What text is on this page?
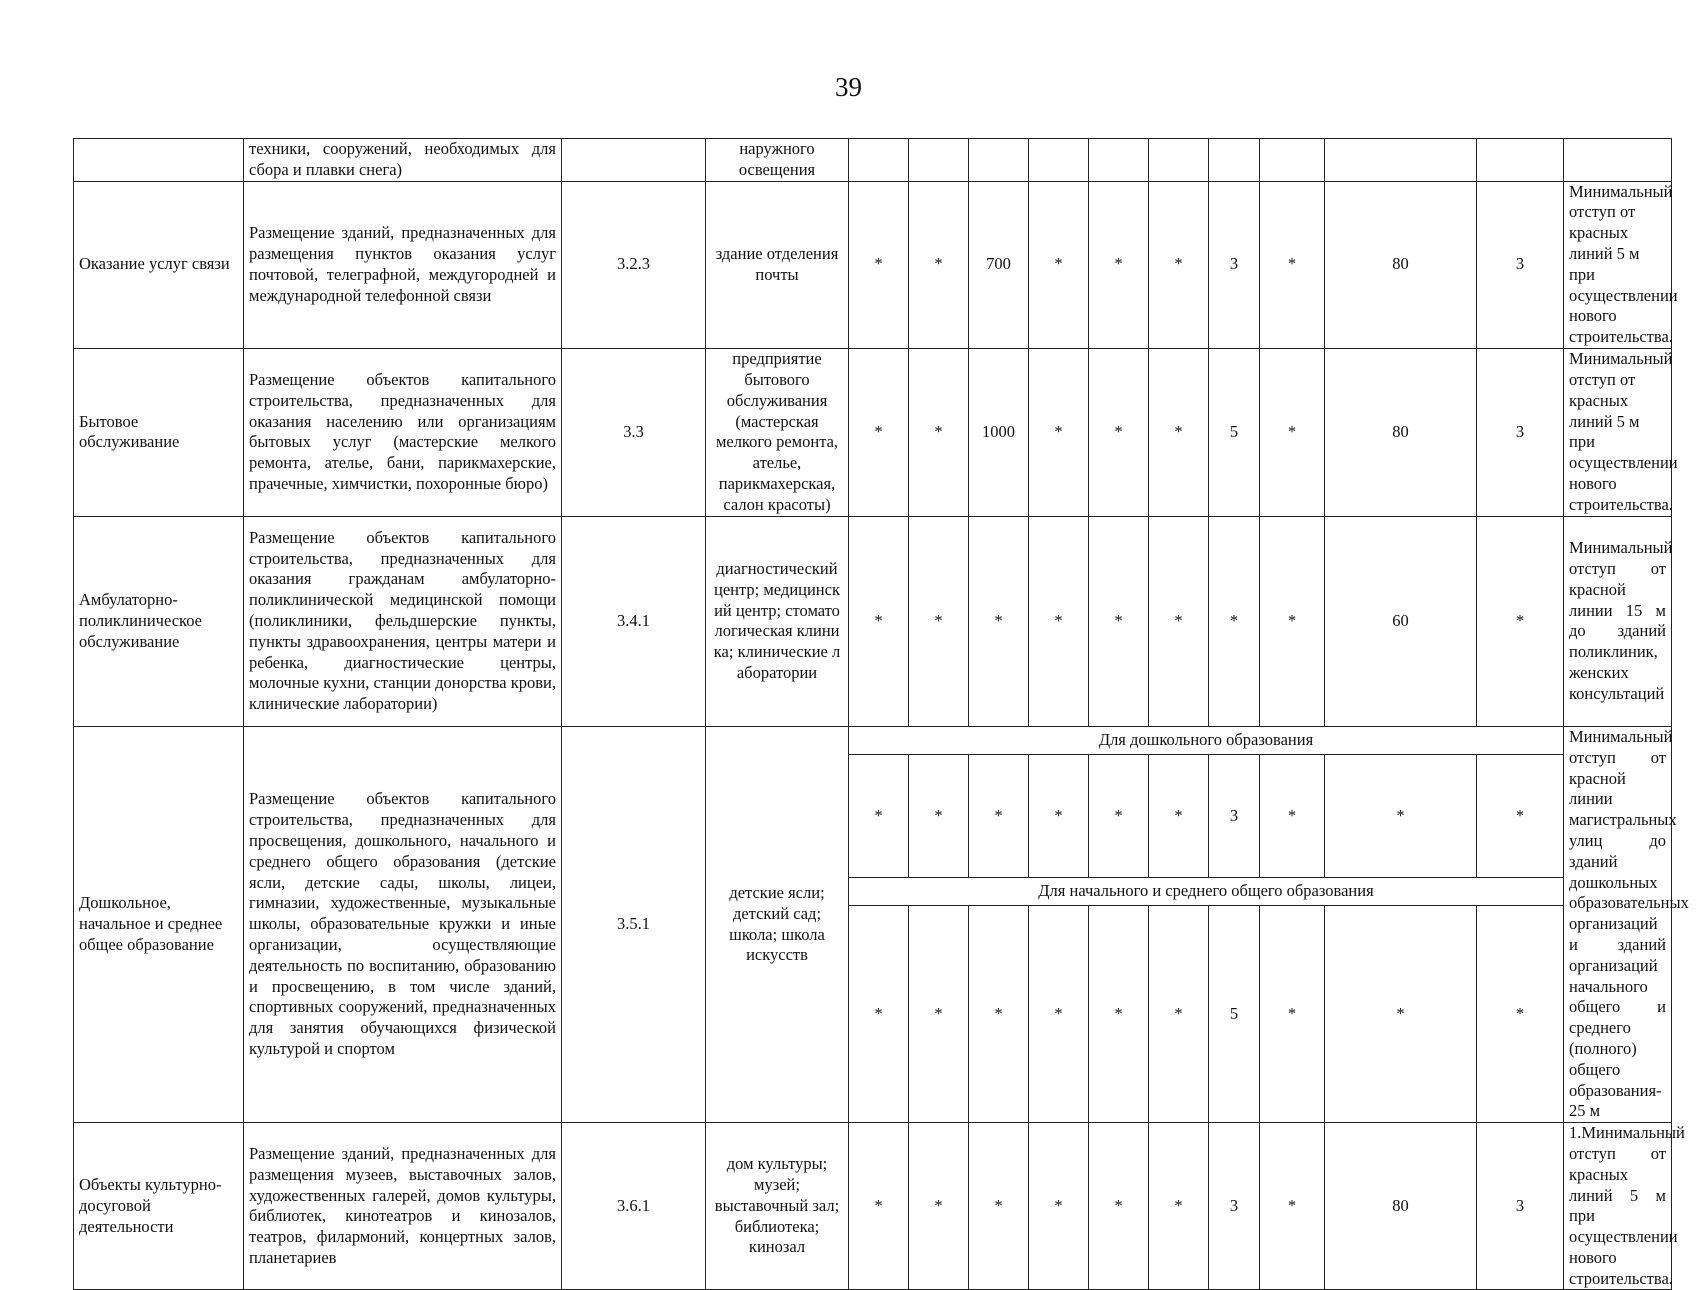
39
	техники, сооружений, необходимых для сбора и плавки снега)		наружного освещения											
Оказание услуг связи	Размещение зданий, предназначенных для размещения пунктов оказания услуг почтовой, телеграфной, междугородней и международной телефонной связи	3.2.3	здание отделения почты	*	*	700	*	*	*	3	*	80	3	Минимальный отступ от красных линий 5 м при осуществлении нового строительства.
Бытовое обслуживание	Размещение объектов капитального строительства, предназначенных для оказания населению или организациям бытовых услуг (мастерские мелкого ремонта, ателье, бани, парикмахерские, прачечные, химчистки, похоронные бюро)	3.3	предприятие бытового обслуживания (мастерская мелкого ремонта, ателье, парикмахерская, салон красоты)	*	*	1000	*	*	*	5	*	80	3	Минимальный отступ от красных линий 5 м при осуществлении нового строительства.
Амбулаторно-поликлиническое обслуживание	Размещение объектов капитального строительства, предназначенных для оказания гражданам амбулаторно-поликлинической медицинской помощи (поликлиники, фельдшерские пункты, пункты здравоохранения, центры матери и ребенка, диагностические центры, молочные кухни, станции донорства крови, клинические лаборатории)	3.4.1	диагностический центр; медицинский центр; стоматологическая клиника; клинические лаборатории	*	*	*	*	*	*	*	*	60	*	Минимальный отступ от красной линии 15 м до зданий поликлиник, женских консультаций
Дошкольное, начальное и среднее общее образование	Размещение объектов капитального строительства, предназначенных для просвещения, дошкольного, начального и среднего общего образования (детские ясли, детские сады, школы, лицеи, гимназии, художественные, музыкальные школы, образовательные кружки и иные организации, осуществляющие деятельность по воспитанию, образованию и просвещению, в том числе зданий, спортивных сооружений, предназначенных для занятия обучающихся физической культурой и спортом	3.5.1	детские ясли; детский сад; школа; школа искусств	Для дошкольного образования										Минимальный отступ от красной линии магистральных улиц до зданий дошкольных образовательных организаций и зданий организаций начального общего и среднего (полного) общего образования- 25 м
				*	*	*	*	*	*	3	*	*	*	
				Для начального и среднего общего образования										
				*	*	*	*	*	*	5	*	*	*	
Объекты культурно-досуговой деятельности	Размещение зданий, предназначенных для размещения музеев, выставочных залов, художественных галерей, домов культуры, библиотек, кинотеатров и кинозалов, театров, филармоний, концертных залов, планетариев	3.6.1	дом культуры; музей; выставочный зал; библиотека; кинозал	*	*	*	*	*	*	3	*	80	3	1.Минимальный отступ от красных линий 5 м при осуществлении нового строительства.
